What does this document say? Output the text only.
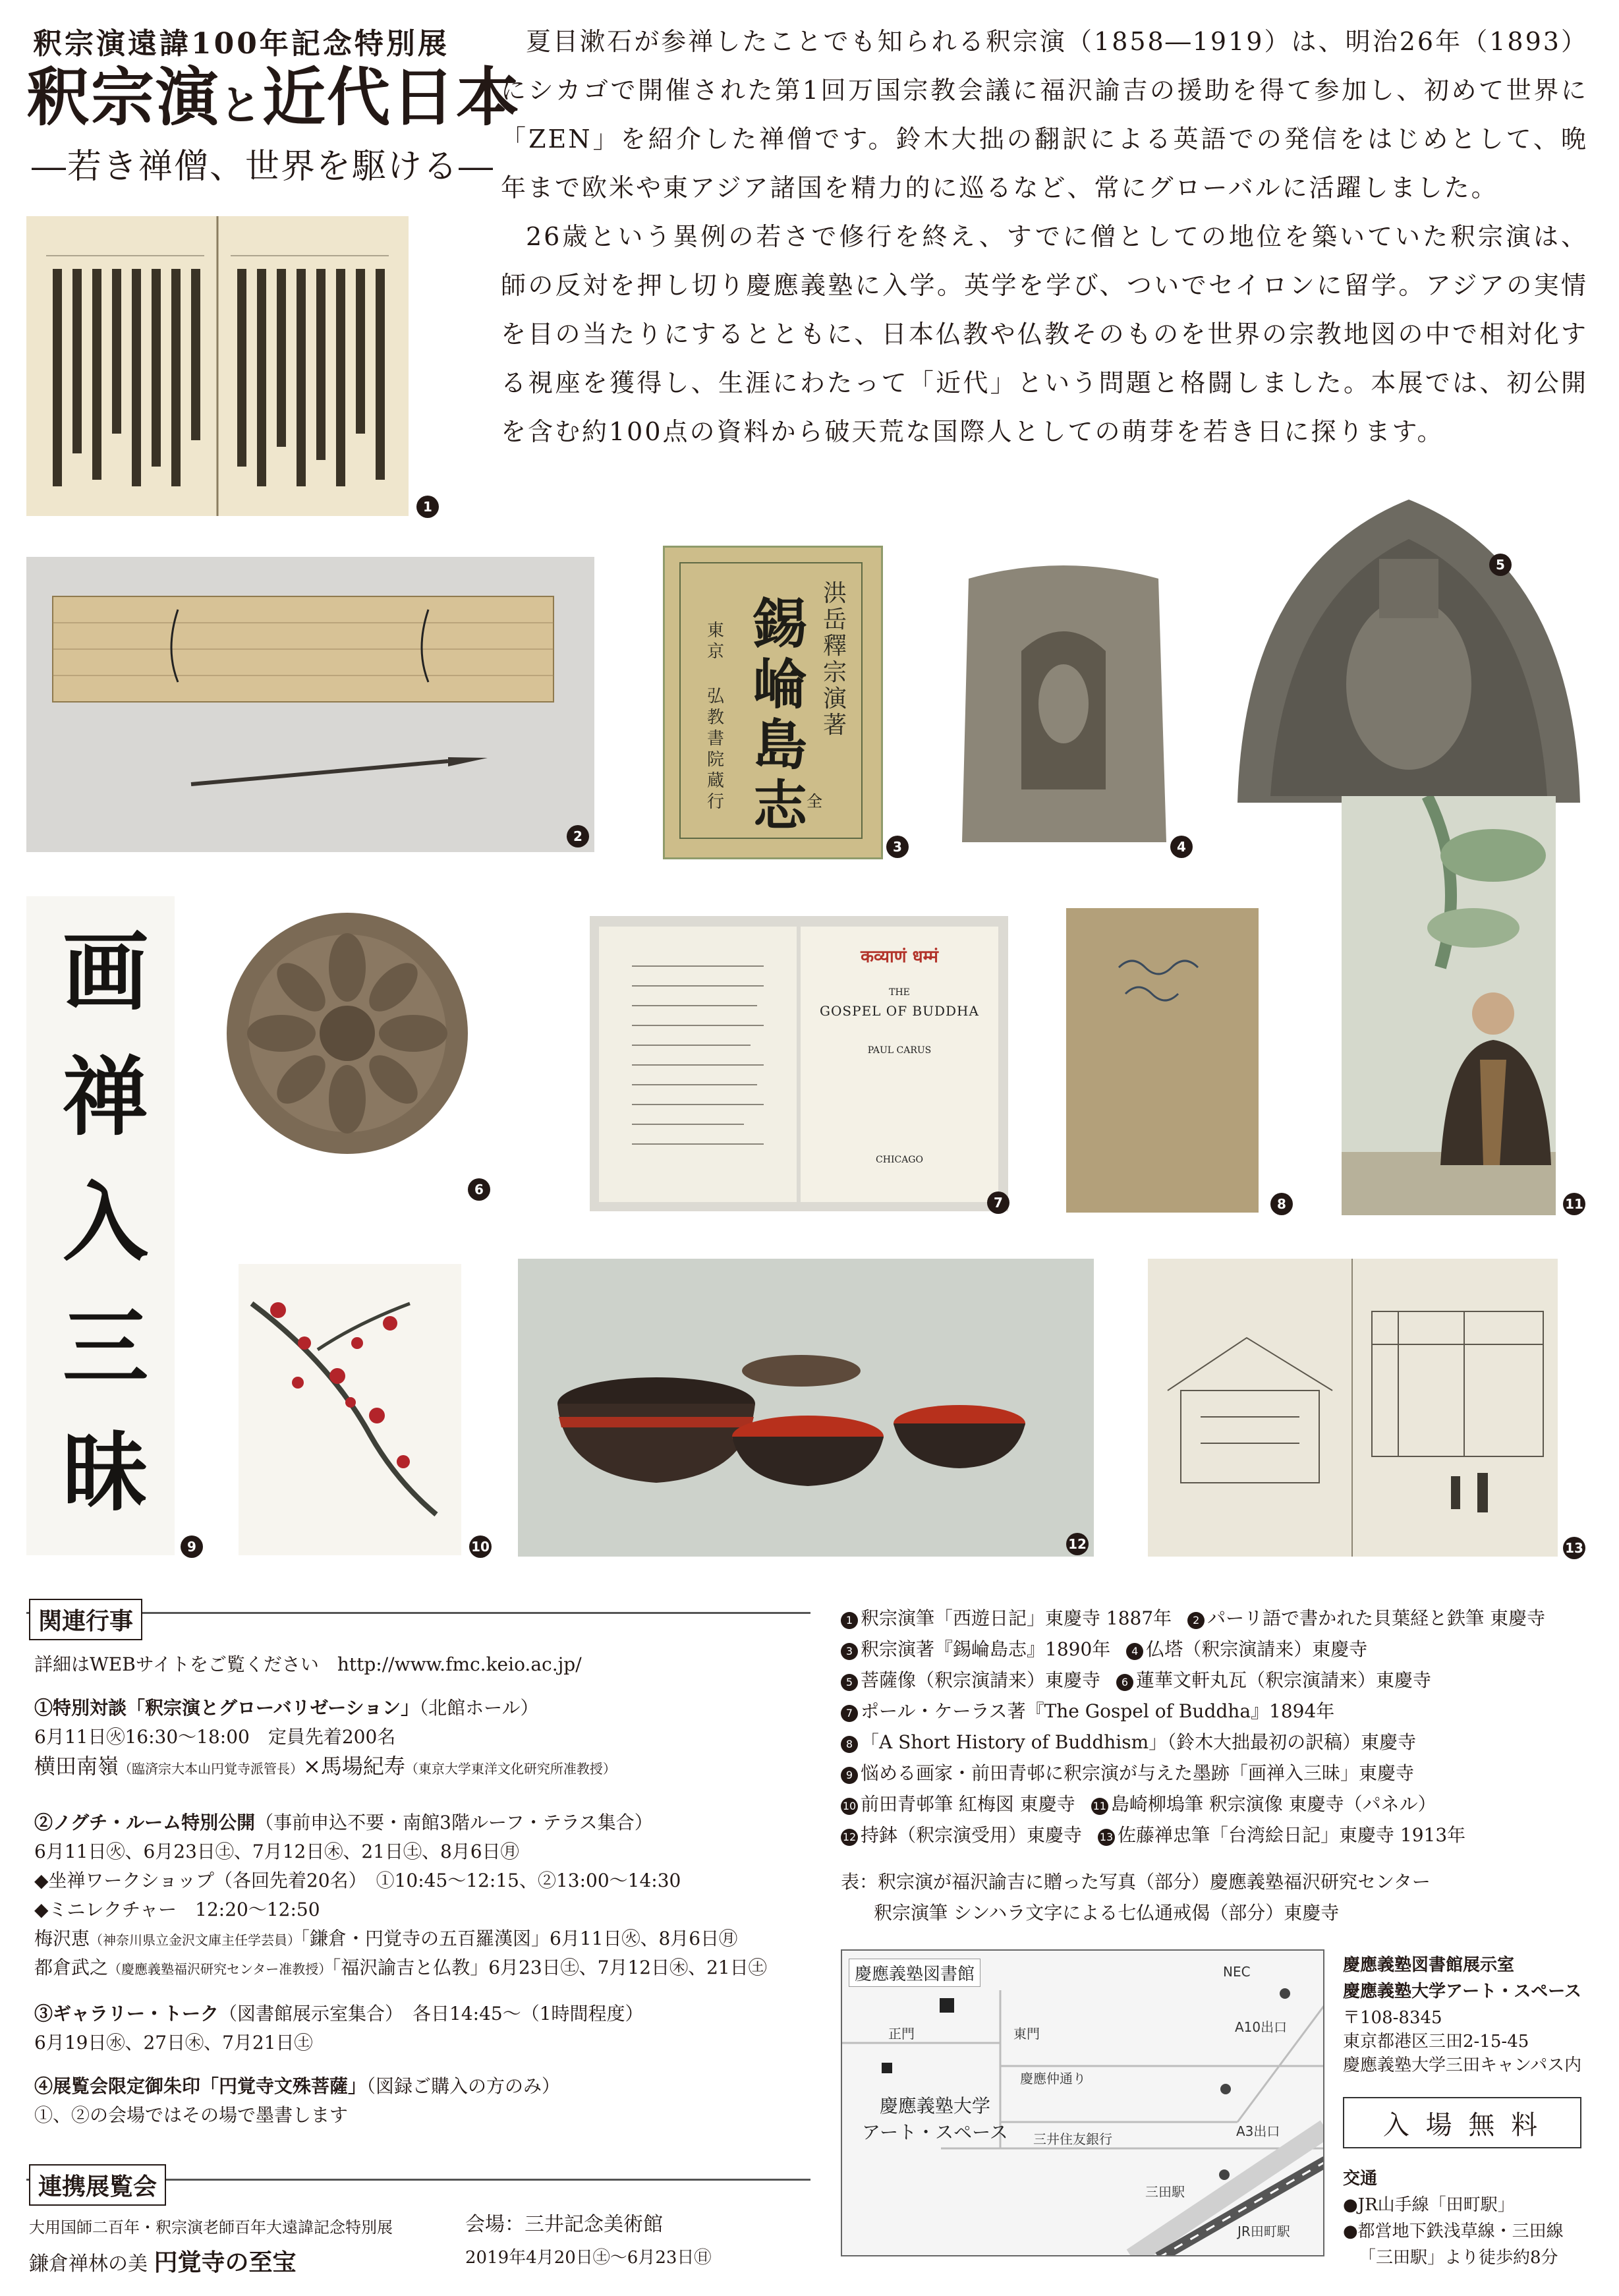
釈宗演遠諱100年記念特別展
釈宗演と近代日本
―若き禅僧、世界を駆ける―

夏目漱石が参禅したことでも知られる釈宗演（1858―1919）は、明治26年（1893）にシカゴで開催された第1回万国宗教会議に福沢諭吉の援助を得て参加し、初めて世界に「ZEN」を紹介した禅僧です。鈴木大拙の翻訳による英語での発信をはじめとして、晩年まで欧米や東アジア諸国を精力的に巡るなど、常にグローバルに活躍しました。

26歳という異例の若さで修行を終え、すでに僧としての地位を築いていた釈宗演は、師の反対を押し切り慶應義塾に入学。英学を学び、ついでセイロンに留学。アジアの実情を目の当たりにするとともに、日本仏教や仏教そのものを世界の宗教地図の中で相対化する視座を獲得し、生涯にわたって「近代」という問題と格闘しました。本展では、初公開を含む約100点の資料から破天荒な国際人としての萌芽を若き日に探ります。

1
2
洪岳釋宗演著
錫崘島志 全
東京
弘教書院蔵行
3	4
5
画禅入三昧
9
6
कव्याणं धम्मं
THE
GOSPEL OF BUDDHA
PAUL CARUS
CHICAGO
7	8	11
10	12	13
関連行事
詳細はWEBサイトをご覧ください　http://www.fmc.keio.ac.jp/
①特別対談「釈宗演とグローバリゼーション」（北館ホール）
6月11日㊋16:30～18:00　定員先着200名
横田南嶺（臨済宗大本山円覚寺派管長）×馬場紀寿（東京大学東洋文化研究所准教授）
②ノグチ・ルーム特別公開（事前申込不要・南館3階ルーフ・テラス集合）
6月11日㊋、6月23日㊏、7月12日㊍、21日㊏、8月6日㊊
◆坐禅ワークショップ（各回先着20名）　①10:45～12:15、②13:00～14:30
◆ミニレクチャー　12:20～12:50
梅沢恵（神奈川県立金沢文庫主任学芸員）「鎌倉・円覚寺の五百羅漢図」6月11日㊋、8月6日㊊
都倉武之（慶應義塾福沢研究センター准教授）「福沢諭吉と仏教」6月23日㊏、7月12日㊍、21日㊏
③ギャラリー・トーク（図書館展示室集合）　各日14:45～（1時間程度）
6月19日㊌、27日㊍、7月21日㊏
④展覧会限定御朱印「円覚寺文殊菩薩」（図録ご購入の方のみ）
①、②の会場ではその場で墨書します
連携展覧会
大用国師二百年・釈宗演老師百年大遠諱記念特別展
鎌倉禅林の美 円覚寺の至宝
会場：三井記念美術館
2019年4月20日㊏～6月23日㊐
1 釈宗演筆「西遊日記」東慶寺 1887年 2 パーリ語で書かれた貝葉経と鉄筆 東慶寺
3 釈宗演著『錫崘島志』1890年 4 仏塔（釈宗演請来）東慶寺
5 菩薩像（釈宗演請来）東慶寺 6 蓮華文軒丸瓦（釈宗演請来）東慶寺
7 ポール・ケーラス著『The Gospel of Buddha』1894年
8 「A Short History of Buddhism」（鈴木大拙最初の訳稿）東慶寺
9 悩める画家・前田青邨に釈宗演が与えた墨跡「画禅入三昧」東慶寺
10 前田青邨筆 紅梅図 東慶寺 11 島崎柳塢筆 釈宗演像 東慶寺（パネル）
12 持鉢（釈宗演受用）東慶寺 13 佐藤禅忠筆「台湾絵日記」東慶寺 1913年
表：釈宗演が福沢諭吉に贈った写真（部分）慶應義塾福沢研究センター
釈宗演筆 シンハラ文字による七仏通戒偈（部分）東慶寺
慶應義塾図書館
東門
正門
NEC
A10出口
慶應仲通り
慶應義塾大学
アート・スペース 三井住友銀行	A3出口
三田駅
JR田町駅
慶應義塾図書館展示室
慶應義塾大学アート・スペース
〒108-8345
東京都港区三田2-15-45
慶應義塾大学三田キャンパス内
入 場 無 料
交通
●JR山手線「田町駅」
●都営地下鉄浅草線・三田線
「三田駅」より徒歩約8分
